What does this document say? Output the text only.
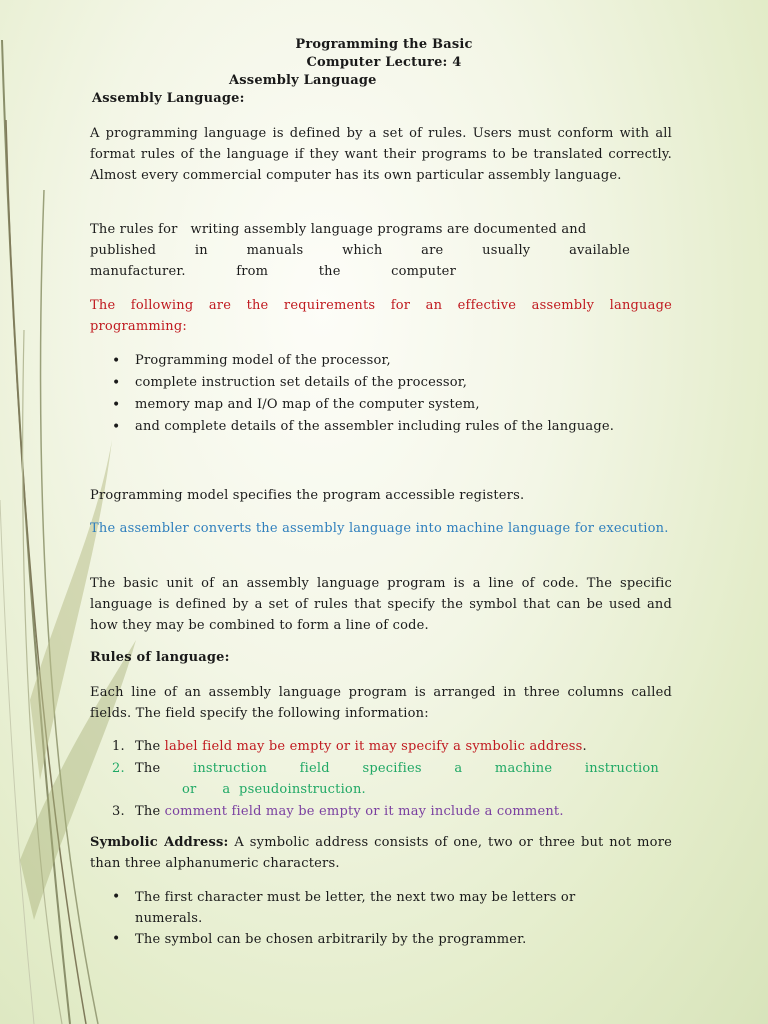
Programming the Basic
Computer Lecture: 4
Assembly Language
Assembly Language:
A programming language is defined by a set of rules. Users must conform with all format rules of the language if they want their programs to be translated correctly. Almost every commercial computer has its own particular assembly language.
The rules for   writing assembly language programs are documented and
published	in	manuals	which	are	usually	available
manufacturer.	from	the	computer
The following are the requirements for an effective assembly language programming:
• Programming model of the processor,
• complete instruction set details of the processor,
• memory map and I/O map of the computer system,
• and complete details of the assembler including rules of the language.
Programming model specifies the program accessible registers.
The assembler converts the assembly language into machine language for execution.
The basic unit of an assembly language program is a line of code. The specific language is defined by a set of rules that specify the symbol that can be used and how they may be combined to form a line of code.
Rules of language:
Each line of an assembly language program is arranged in three columns called fields. The field specify the following information:
1. The label field may be empty or it may specify a symbolic address.
2. The	instruction	field	specifies	a	machine	instruction
or      a  pseudoinstruction.
3. The comment field may be empty or it may include a comment.
Symbolic Address: A symbolic address consists of one, two or three but not more than three alphanumeric characters.
• The first character must be letter, the next two may be letters or numerals.
• The symbol can be chosen arbitrarily by the programmer.
